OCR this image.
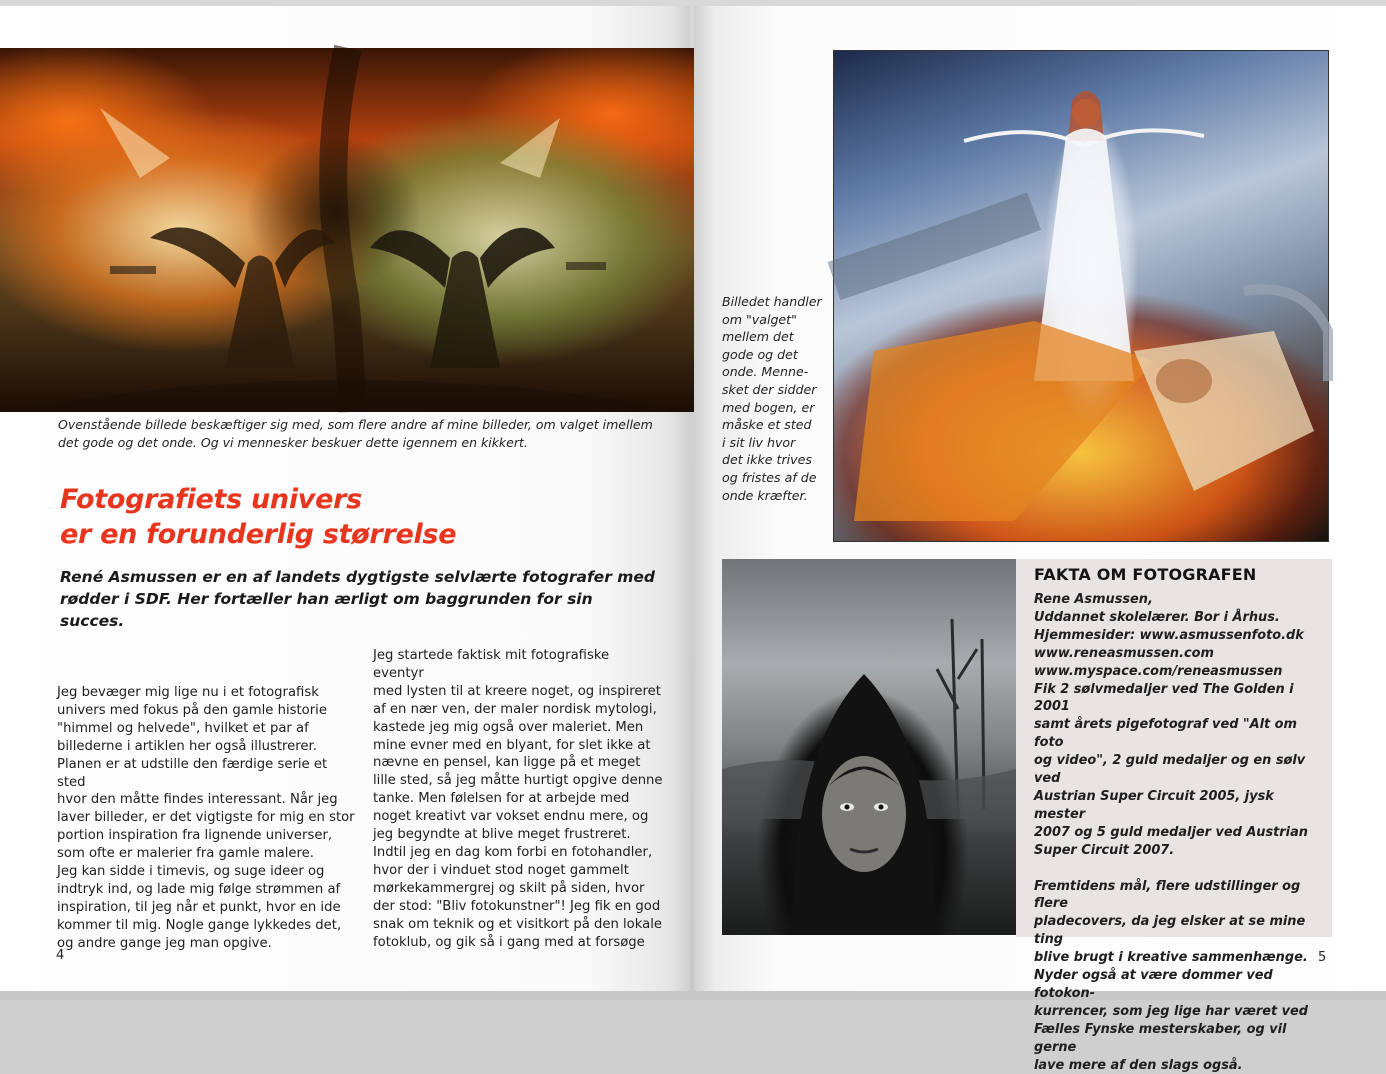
Ovenstående billede beskæftiger sig med, som flere andre af mine billeder, om valget imellem det gode og det onde. Og vi mennesker beskuer dette igennem en kikkert.
Fotografiets univers
er en forunderlig størrelse

René Asmussen er en af landets dygtigste selvlærte fotografer med rødder i SDF. Her fortæller han ærligt om baggrunden for sin succes.

Jeg bevæger mig lige nu i et fotografisk
univers med fokus på den gamle historie
"himmel og helvede", hvilket et par af
billederne i artiklen her også illustrerer.
Planen er at udstille den færdige serie et sted
hvor den måtte findes interessant. Når jeg
laver billeder, er det vigtigste for mig en stor
portion inspiration fra lignende universer,
som ofte er malerier fra gamle malere.
Jeg kan sidde i timevis, og suge ideer og
indtryk ind, og lade mig følge strømmen af
inspiration, til jeg når et punkt, hvor en ide
kommer til mig. Nogle gange lykkedes det,
og andre gange jeg man opgive.

Jeg startede faktisk mit fotografiske eventyr
med lysten til at kreere noget, og inspireret
af en nær ven, der maler nordisk mytologi,
kastede jeg mig også over maleriet. Men
mine evner med en blyant, for slet ikke at
nævne en pensel, kan ligge på et meget
lille sted, så jeg måtte hurtigt opgive denne
tanke. Men følelsen for at arbejde med
noget kreativt var vokset endnu mere, og
jeg begyndte at blive meget frustreret.
Indtil jeg en dag kom forbi en fotohandler,
hvor der i vinduet stod noget gammelt
mørkekammergrej og skilt på siden, hvor
der stod: "Bliv fotokunstner"! Jeg fik en god
snak om teknik og et visitkort på den lokale
fotoklub, og gik så i gang med at forsøge

4

Billedet handler
om "valget"
mellem det
gode og det
onde. Menne-
sket der sidder
med bogen, er
måske et sted
i sit liv hvor
det ikke trives
og fristes af de
onde kræfter.

FAKTA OM FOTOGRAFEN

Rene Asmussen,
Uddannet skolelærer. Bor i Århus.
Hjemmesider: www.asmussenfoto.dk
www.reneasmussen.com
www.myspace.com/reneasmussen
Fik 2 sølvmedaljer ved The Golden i 2001
samt årets pigefotograf ved "Alt om foto
og video", 2 guld medaljer og en sølv ved
Austrian Super Circuit 2005, jysk mester
2007 og 5 guld medaljer ved Austrian
Super Circuit 2007.

Fremtidens mål, flere udstillinger og flere
pladecovers, da jeg elsker at se mine ting
blive brugt i kreative sammenhænge.
Nyder også at være dommer ved fotokon-
kurrencer, som jeg lige har været ved
Fælles Fynske mesterskaber, og vil gerne
lave mere af den slags også.

5
